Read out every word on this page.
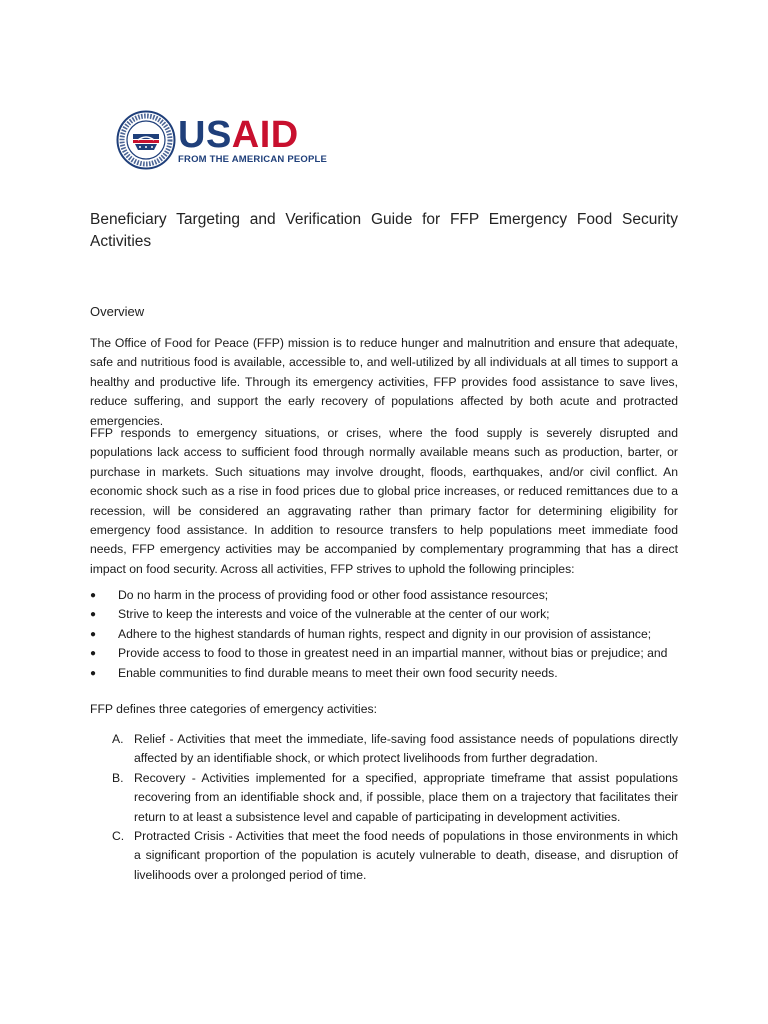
USAID
FROM THE AMERICAN PEOPLE
Beneficiary Targeting and Verification Guide for FFP Emergency Food Security Activities
Overview

The Office of Food for Peace (FFP) mission is to reduce hunger and malnutrition and ensure that adequate, safe and nutritious food is available, accessible to, and well-utilized by all individuals at all times to support a healthy and productive life. Through its emergency activities, FFP provides food assistance to save lives, reduce suffering, and support the early recovery of populations affected by both acute and protracted emergencies.

FFP responds to emergency situations, or crises, where the food supply is severely disrupted and populations lack access to sufficient food through normally available means such as production, barter, or purchase in markets. Such situations may involve drought, floods, earthquakes, and/or civil conflict. An economic shock such as a rise in food prices due to global price increases, or reduced remittances due to a recession, will be considered an aggravating rather than primary factor for determining eligibility for emergency food assistance. In addition to resource transfers to help populations meet immediate food needs, FFP emergency activities may be accompanied by complementary programming that has a direct impact on food security. Across all activities, FFP strives to uphold the following principles:

●	Do no harm in the process of providing food or other food assistance resources;
●	Strive to keep the interests and voice of the vulnerable at the center of our work;
●	Adhere to the highest standards of human rights, respect and dignity in our provision of assistance;
●	Provide access to food to those in greatest need in an impartial manner, without bias or prejudice; and
●	Enable communities to find durable means to meet their own food security needs.

FFP defines three categories of emergency activities:

A. Relief - Activities that meet the immediate, life-saving food assistance needs of populations directly affected by an identifiable shock, or which protect livelihoods from further degradation.
B. Recovery - Activities implemented for a specified, appropriate timeframe that assist populations recovering from an identifiable shock and, if possible, place them on a trajectory that facilitates their return to at least a subsistence level and capable of participating in development activities.
C. Protracted Crisis - Activities that meet the food needs of populations in those environments in which a significant proportion of the population is acutely vulnerable to death, disease, and disruption of livelihoods over a prolonged period of time.
